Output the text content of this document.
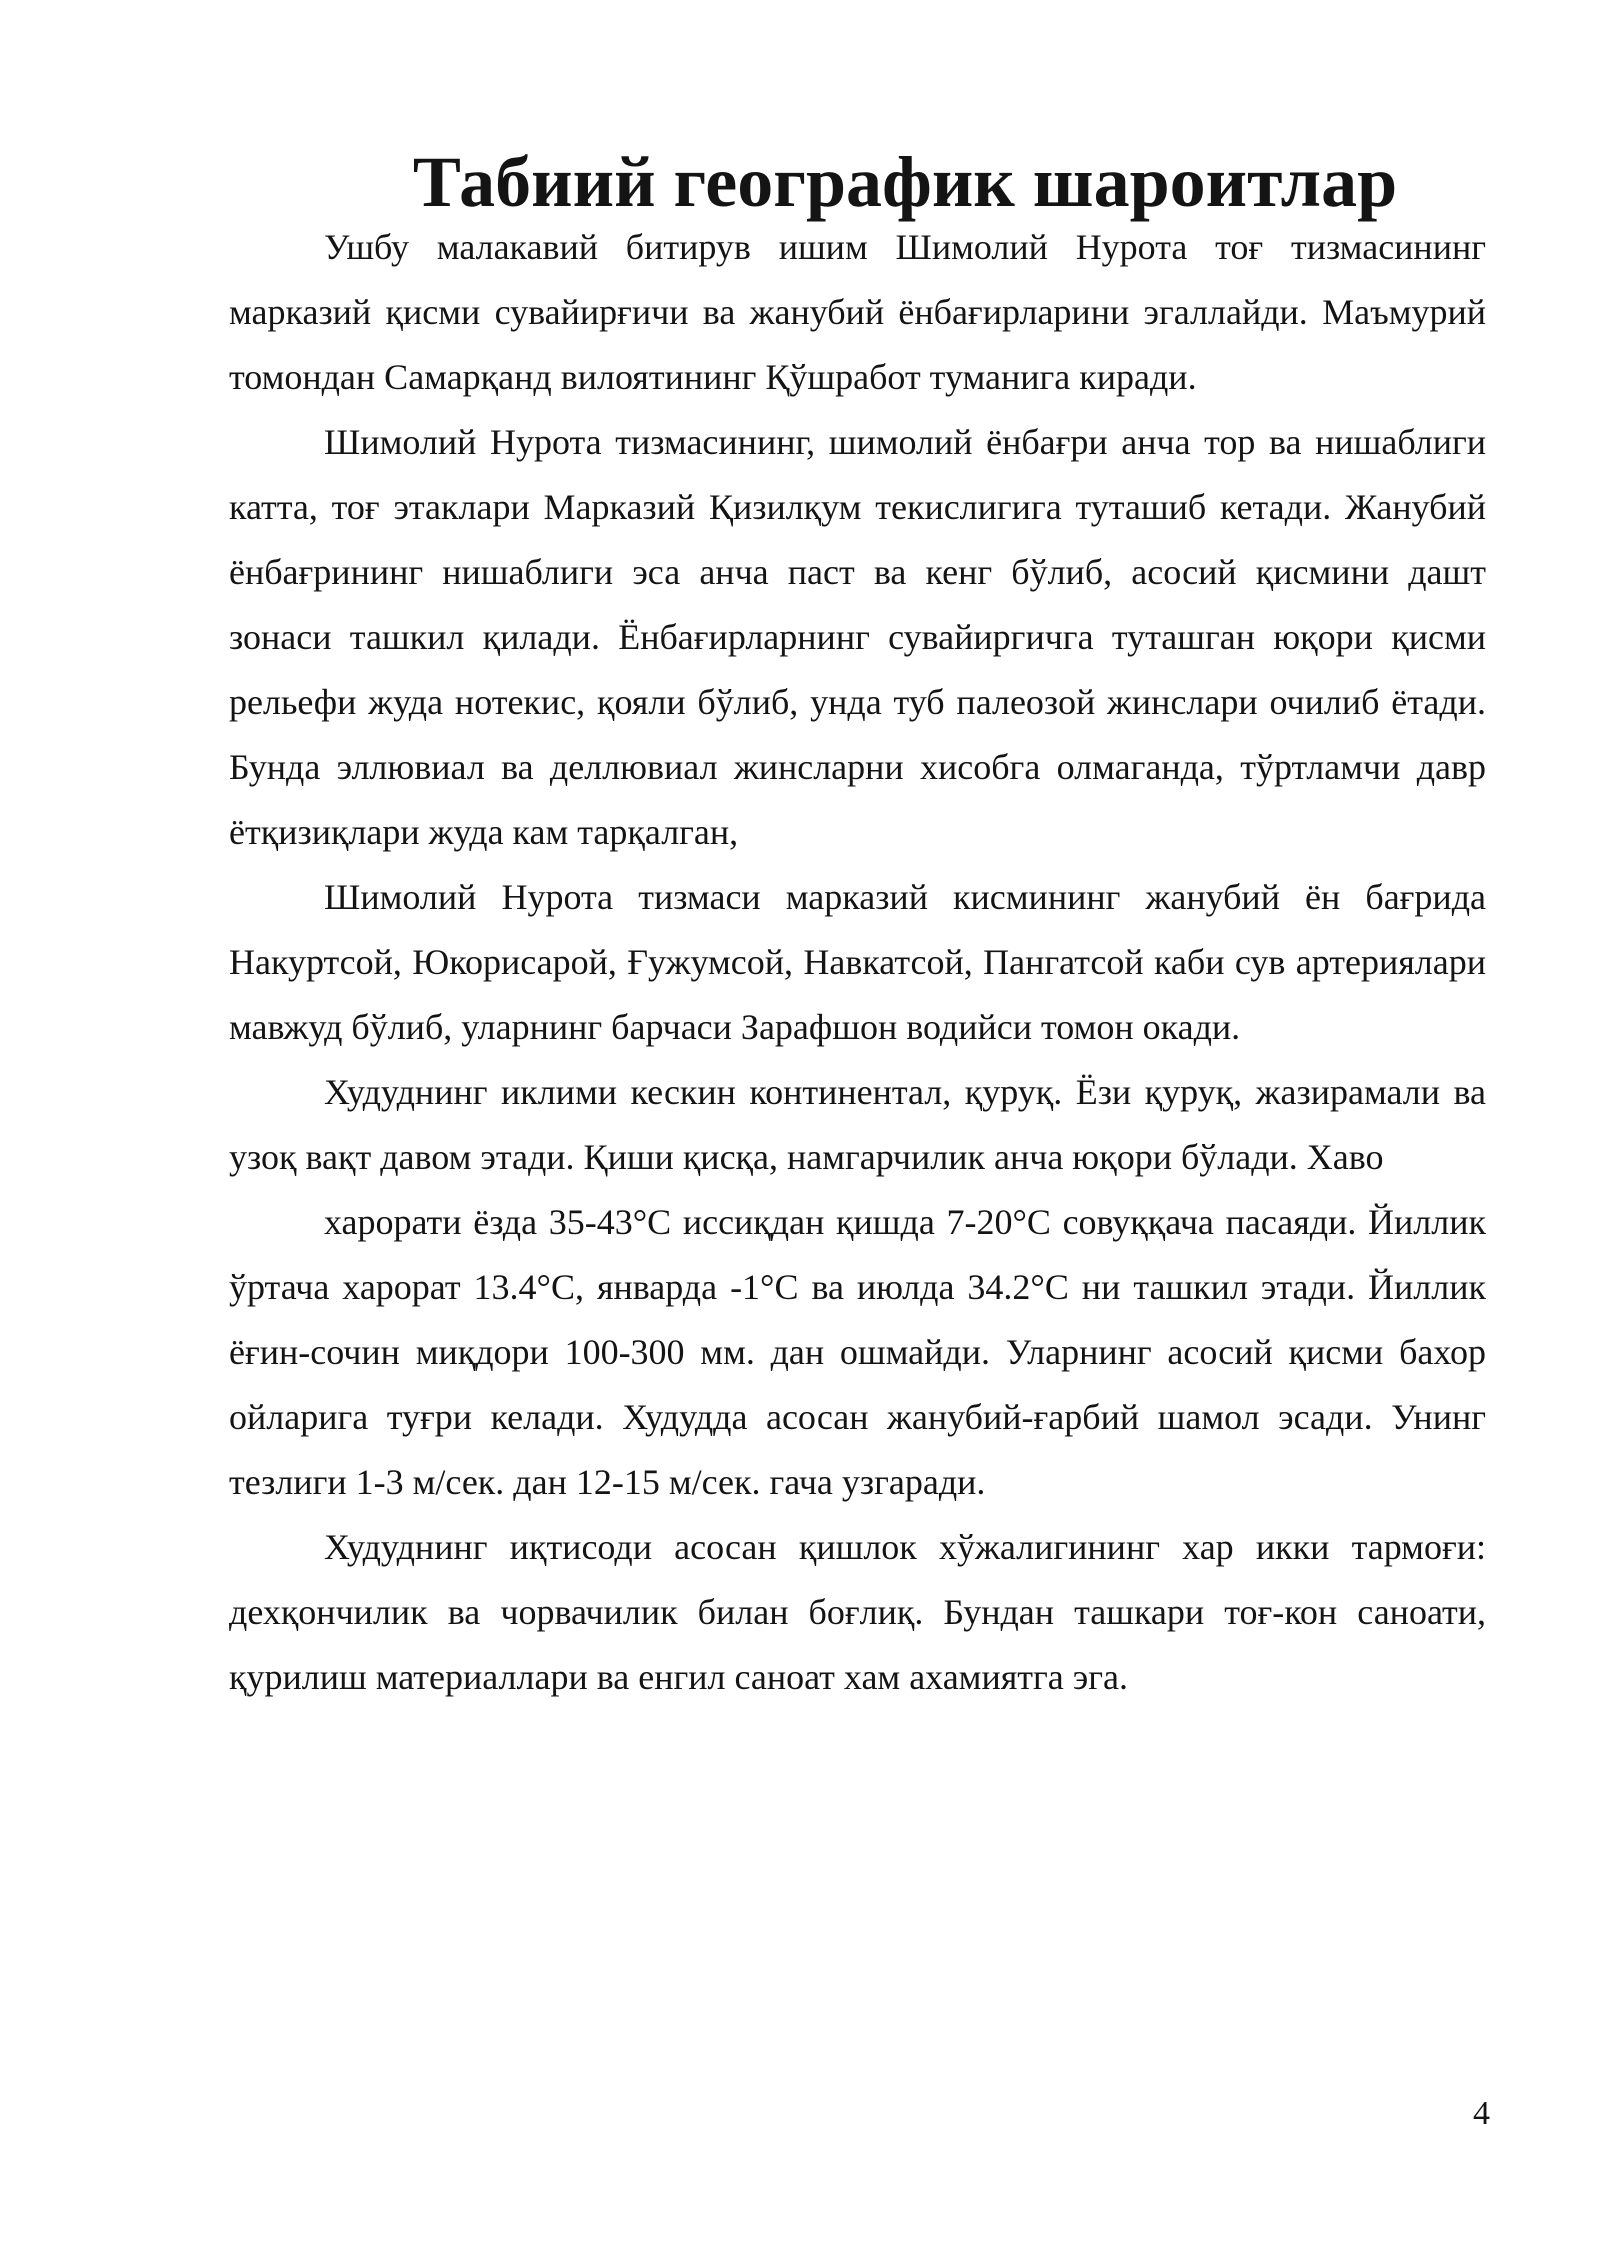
Табиий географик шароитлар

Ушбу малакавий битирув ишим Шимолий Нурота тоғ тизмасининг марказий қисми сувайирғичи ва жанубий ёнбағирларини эгаллайди. Маъмурий томондан Самарқанд вилоятининг Қўшработ туманига киради.

Шимолий Нурота тизмасининг, шимолий ёнбағри анча тор ва нишаблиги катта, тоғ этаклари Марказий Қизилқум текислигига туташиб кетади. Жанубий ёнбағрининг нишаблиги эса анча паст ва кенг бўлиб, асосий қисмини дашт зонаси ташкил қилади. Ёнбағирларнинг сувайиргичга туташган юқори қисми рельефи жуда нотекис, қояли бўлиб, унда туб палеозой жинслари очилиб ётади. Бунда эллювиал ва деллювиал жинсларни хисобга олмаганда, тўртламчи давр ётқизиқлари жуда кам тарқалган,

Шимолий Нурота тизмаси марказий кисмининг жанубий ён бағрида Накуртсой, Юкорисарой, Ғужумсой, Навкатсой, Пангатсой каби сув артериялари мавжуд бўлиб, уларнинг барчаси Зарафшон водийси томон окади.

Худуднинг иклими кескин континентал, қуруқ. Ёзи қуруқ, жазирамали ва узоқ вақт давом этади. Қиши қисқа, намгарчилик анча юқори бўлади. Хаво

харорати ёзда 35-43°C иссиқдан қишда 7-20°C совуққача пасаяди. Йиллик ўртача харорат 13.4°C, январда -1°C ва июлда 34.2°C ни ташкил этади. Йиллик ёғин-сочин миқдори 100-300 мм. дан ошмайди. Уларнинг асосий қисми бахор ойларига туғри келади. Худудда асосан жанубий-ғарбий шамол эсади. Унинг тезлиги 1-3 м/сек. дан 12-15 м/сек. гача узгаради.

Худуднинг иқтисоди асосан қишлок хўжалигининг хар икки тармоғи: дехқончилик ва чорвачилик билан боғлиқ. Бундан ташкари тоғ-кон саноати, қурилиш материаллари ва енгил саноат хам ахамиятга эга.

4
